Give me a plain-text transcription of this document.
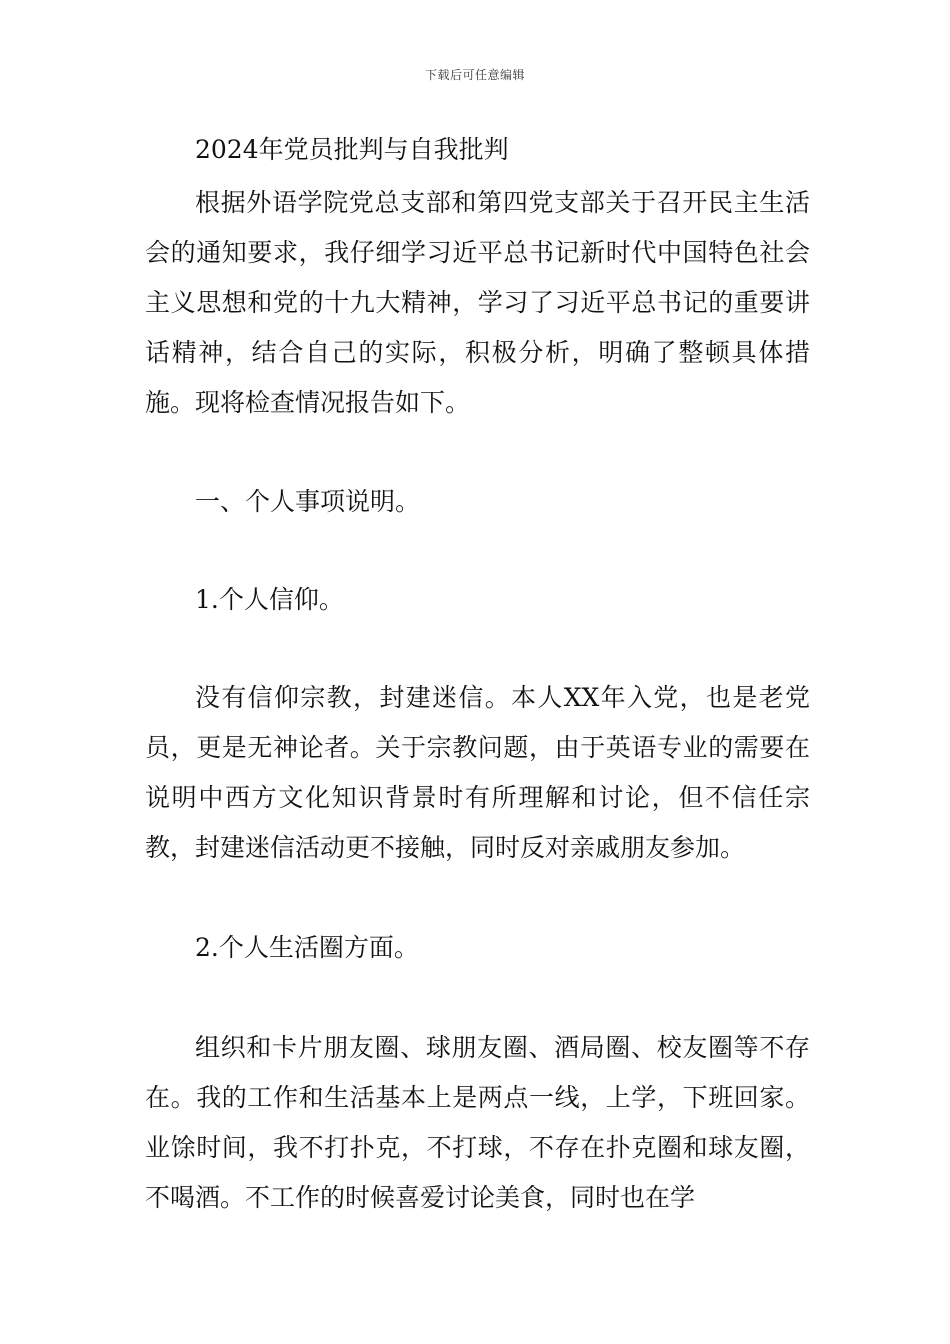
下载后可任意编辑
2024年党员批判与自我批判

根据外语学院党总支部和第四党支部关于召开民主生活会的通知要求，我仔细学习近平总书记新时代中国特色社会主义思想和党的十九大精神，学习了习近平总书记的重要讲话精神，结合自己的实际，积极分析，明确了整顿具体措施。现将检查情况报告如下。

一、个人事项说明。
1.个人信仰。

没有信仰宗教，封建迷信。本人XX年入党，也是老党员，更是无神论者。关于宗教问题，由于英语专业的需要在说明中西方文化知识背景时有所理解和讨论，但不信任宗教，封建迷信活动更不接触，同时反对亲戚朋友参加。

2.个人生活圈方面。

组织和卡片朋友圈、球朋友圈、酒局圈、校友圈等不存在。我的工作和生活基本上是两点一线，上学，下班回家。业馀时间，我不打扑克，不打球，不存在扑克圈和球友圈，不喝酒。不工作的时候喜爱讨论美食，同时也在学
